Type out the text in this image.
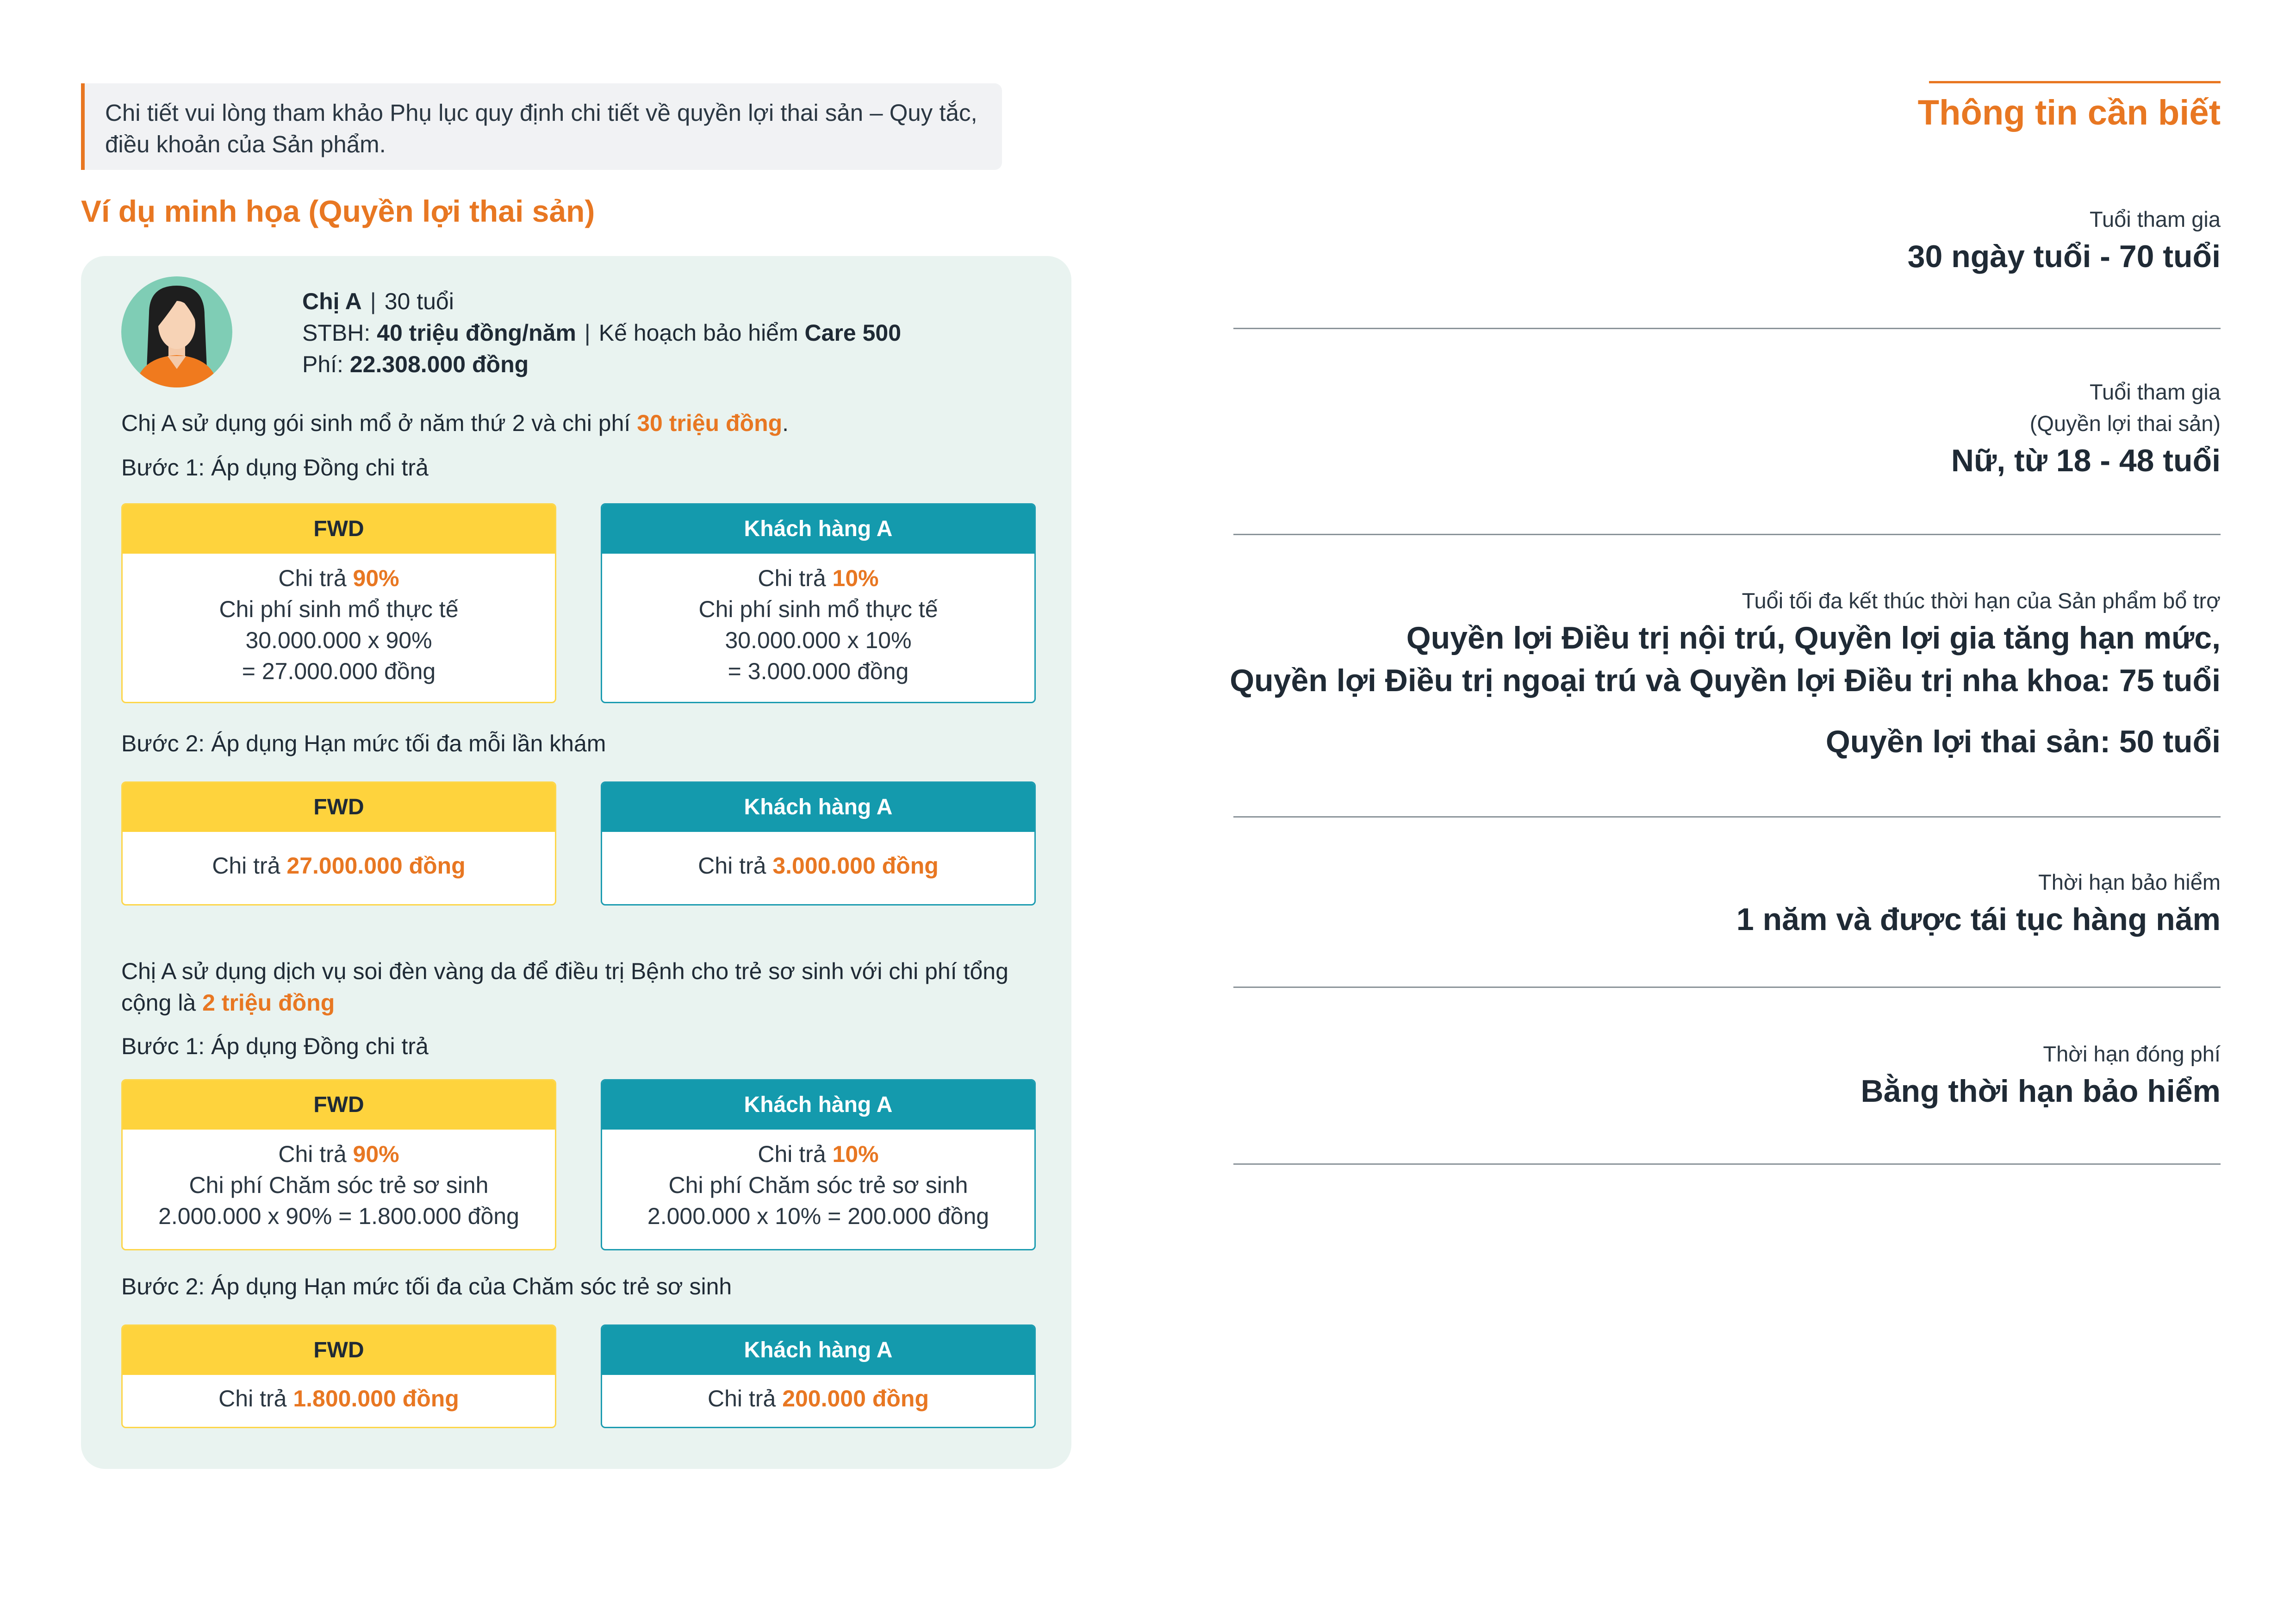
Chi tiết vui lòng tham khảo Phụ lục quy định chi tiết về quyền lợi thai sản – Quy tắc,
điều khoản của Sản phẩm.
Ví dụ minh họa (Quyền lợi thai sản)
Chị A | 30 tuổi
STBH: 40 triệu đồng/năm | Kế hoạch bảo hiểm Care 500
Phí: 22.308.000 đồng
Chị A sử dụng gói sinh mổ ở năm thứ 2 và chi phí 30 triệu đồng.
Bước 1: Áp dụng Đồng chi trả
FWD
Chi trả 90%
Chi phí sinh mổ thực tế
30.000.000 x 90%
= 27.000.000 đồng
Khách hàng A
Chi trả 10%
Chi phí sinh mổ thực tế
30.000.000 x 10%
= 3.000.000 đồng
Bước 2: Áp dụng Hạn mức tối đa mỗi lần khám
FWD
Chi trả 27.000.000 đồng
Khách hàng A
Chi trả 3.000.000 đồng
Chị A sử dụng dịch vụ soi đèn vàng da để điều trị Bệnh cho trẻ sơ sinh với chi phí tổng
cộng là 2 triệu đồng
Bước 1: Áp dụng Đồng chi trả
FWD
Chi trả 90%
Chi phí Chăm sóc trẻ sơ sinh
2.000.000 x 90% = 1.800.000 đồng
Khách hàng A
Chi trả 10%
Chi phí Chăm sóc trẻ sơ sinh
2.000.000 x 10% = 200.000 đồng
Bước 2: Áp dụng Hạn mức tối đa của Chăm sóc trẻ sơ sinh
FWD
Chi trả 1.800.000 đồng
Khách hàng A
Chi trả 200.000 đồng
Thông tin cần biết
Tuổi tham gia
30 ngày tuổi - 70 tuổi
Tuổi tham gia
(Quyền lợi thai sản)
Nữ, từ 18 - 48 tuổi
Tuổi tối đa kết thúc thời hạn của Sản phẩm bổ trợ
Quyền lợi Điều trị nội trú, Quyền lợi gia tăng hạn mức,
Quyền lợi Điều trị ngoại trú và Quyền lợi Điều trị nha khoa: 75 tuổi
Quyền lợi thai sản: 50 tuổi
Thời hạn bảo hiểm
1 năm và được tái tục hàng năm
Thời hạn đóng phí
Bằng thời hạn bảo hiểm
